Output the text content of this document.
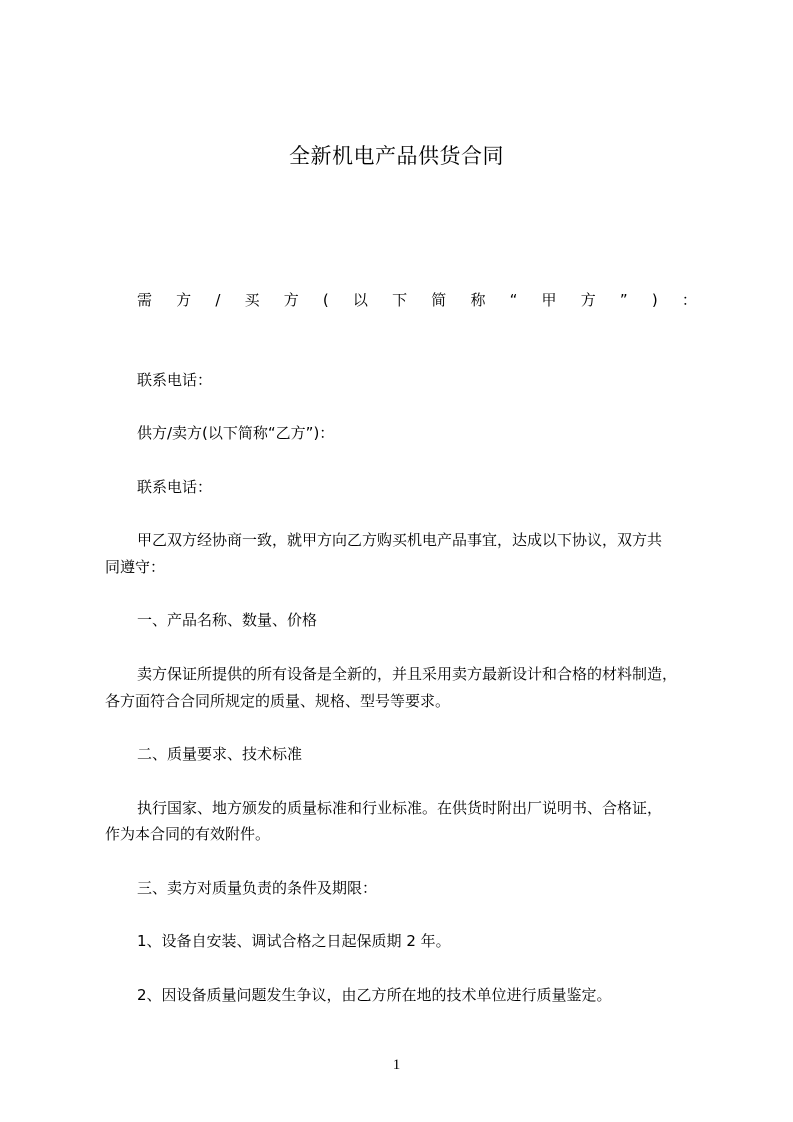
全新机电产品供货合同
需 方 / 买 方 ( 以 下 简 称 “ 甲 方 ” ) ：

联系电话：

供方/卖方(以下简称“乙方”)：

联系电话：

甲乙双方经协商一致，就甲方向乙方购买机电产品事宜，达成以下协议，双方共

同遵守：

一、产品名称、数量、价格

卖方保证所提供的所有设备是全新的，并且采用卖方最新设计和合格的材料制造，

各方面符合合同所规定的质量、规格、型号等要求。

二、质量要求、技术标准

执行国家、地方颁发的质量标准和行业标准。在供货时附出厂说明书、合格证，

作为本合同的有效附件。

三、卖方对质量负责的条件及期限：

1、设备自安装、调试合格之日起保质期 2 年。

2、因设备质量问题发生争议，由乙方所在地的技术单位进行质量鉴定。

1
